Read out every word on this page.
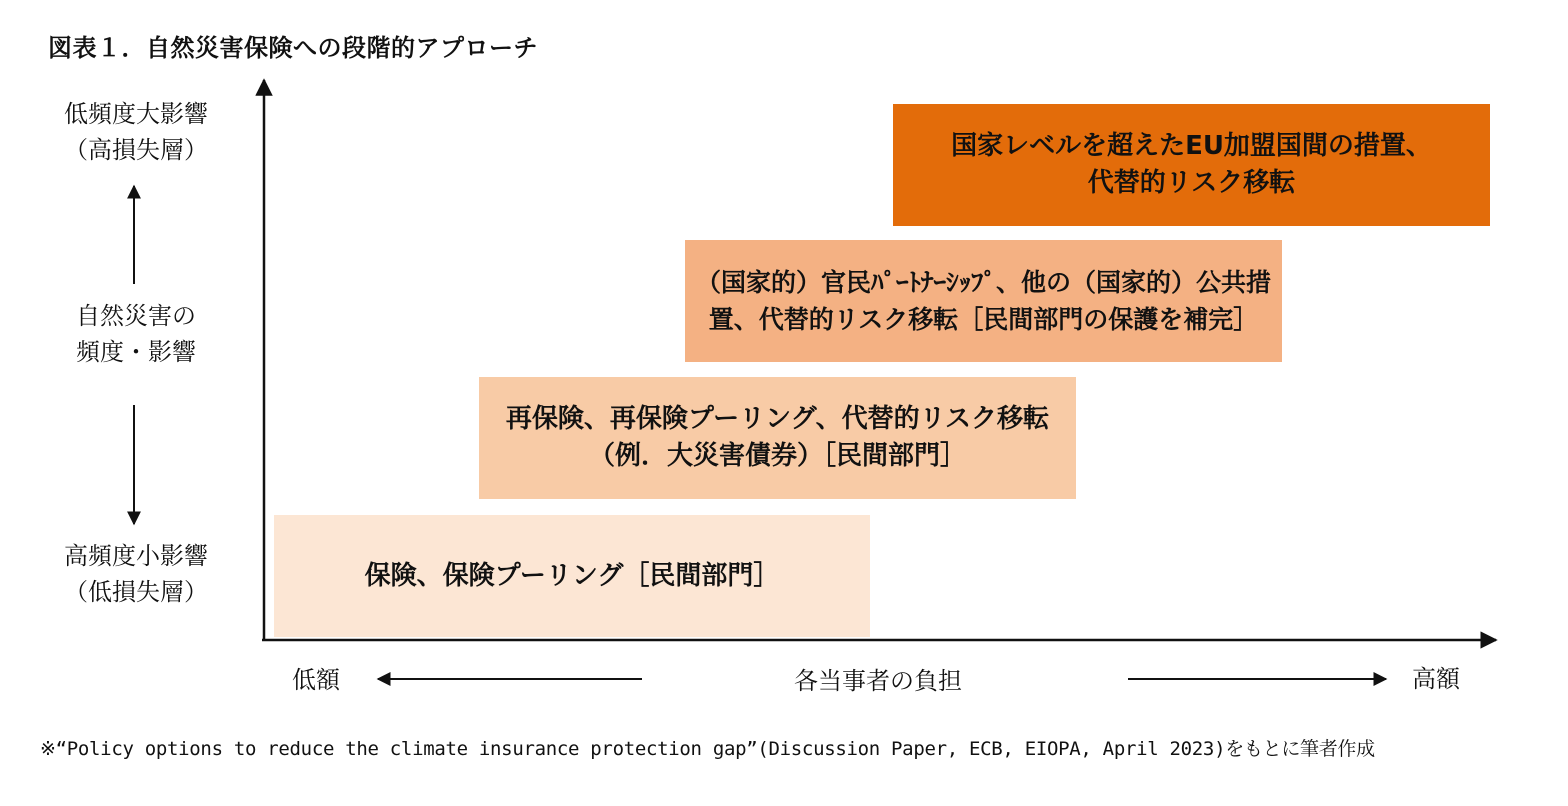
図表１．自然災害保険への段階的アプローチ
低頻度大影響
（高損失層）
自然災害の
頻度・影響
高頻度小影響
（低損失層）
低額	各当事者の負担	高額
保険、保険プーリング［民間部門］
再保険、再保険プーリング、代替的リスク移転
（例．大災害債券）［民間部門］
（国家的）官民ﾊﾟｰﾄﾅｰｼｯﾌﾟ、他の（国家的）公共措
置、代替的リスク移転［民間部門の保護を補完］
国家レベルを超えたEU加盟国間の措置、
代替的リスク移転
※“Policy options to reduce the climate insurance protection gap”(Discussion Paper, ECB, EIOPA, April 2023)をもとに筆者作成
